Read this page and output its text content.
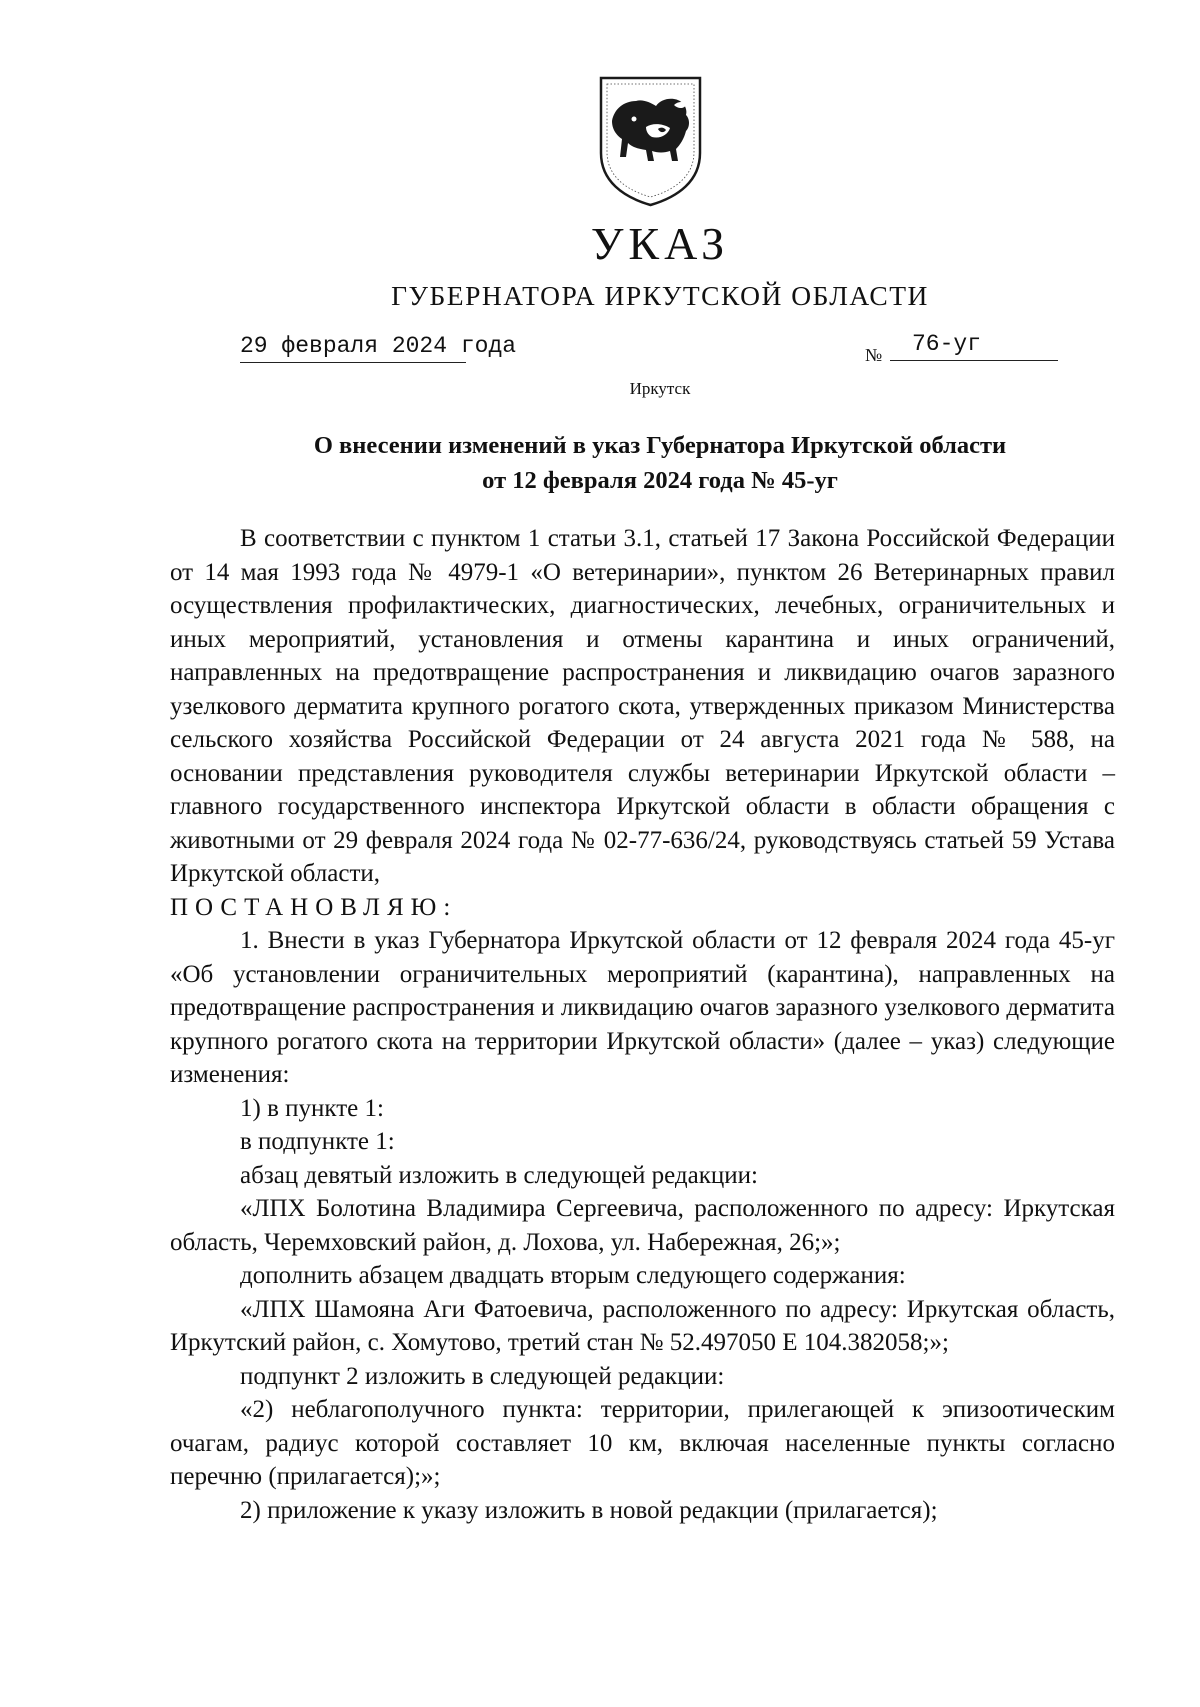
УКАЗ
ГУБЕРНАТОРА ИРКУТСКОЙ ОБЛАСТИ
29 февраля 2024 года	№	76-уг
Иркутск
О внесении изменений в указ Губернатора Иркутской области
от 12 февраля 2024 года № 45-уг

В соответствии с пунктом 1 статьи 3.1, статьей 17 Закона Российской Федерации от 14 мая 1993 года № 4979-1 «О ветеринарии», пунктом 26 Ветеринарных правил осуществления профилактических, диагностических, лечебных, ограничительных и иных мероприятий, установления и отмены карантина и иных ограничений, направленных на предотвращение распространения и ликвидацию очагов заразного узелкового дерматита крупного рогатого скота, утвержденных приказом Министерства сельского хозяйства Российской Федерации от 24 августа 2021 года № 588, на основании представления руководителя службы ветеринарии Иркутской области – главного государственного инспектора Иркутской области в области обращения с животными от 29 февраля 2024 года № 02-77-636/24, руководствуясь статьей 59 Устава Иркутской области,

ПОСТАНОВЛЯЮ:

1. Внести в указ Губернатора Иркутской области от 12 февраля 2024 года 45-уг «Об установлении ограничительных мероприятий (карантина), направленных на предотвращение распространения и ликвидацию очагов заразного узелкового дерматита крупного рогатого скота на территории Иркутской области» (далее – указ) следующие изменения:

1) в пункте 1:

в подпункте 1:

абзац девятый изложить в следующей редакции:

«ЛПХ Болотина Владимира Сергеевича, расположенного по адресу: Иркутская область, Черемховский район, д. Лохова, ул. Набережная, 26;»;

дополнить абзацем двадцать вторым следующего содержания:

«ЛПХ Шамояна Аги Фатоевича, расположенного по адресу: Иркутская область, Иркутский район, с. Хомутово, третий стан № 52.497050 Е 104.382058;»;

подпункт 2 изложить в следующей редакции:

«2) неблагополучного пункта: территории, прилегающей к эпизоотическим очагам, радиус которой составляет 10 км, включая населенные пункты согласно перечню (прилагается);»;

2) приложение к указу изложить в новой редакции (прилагается);
